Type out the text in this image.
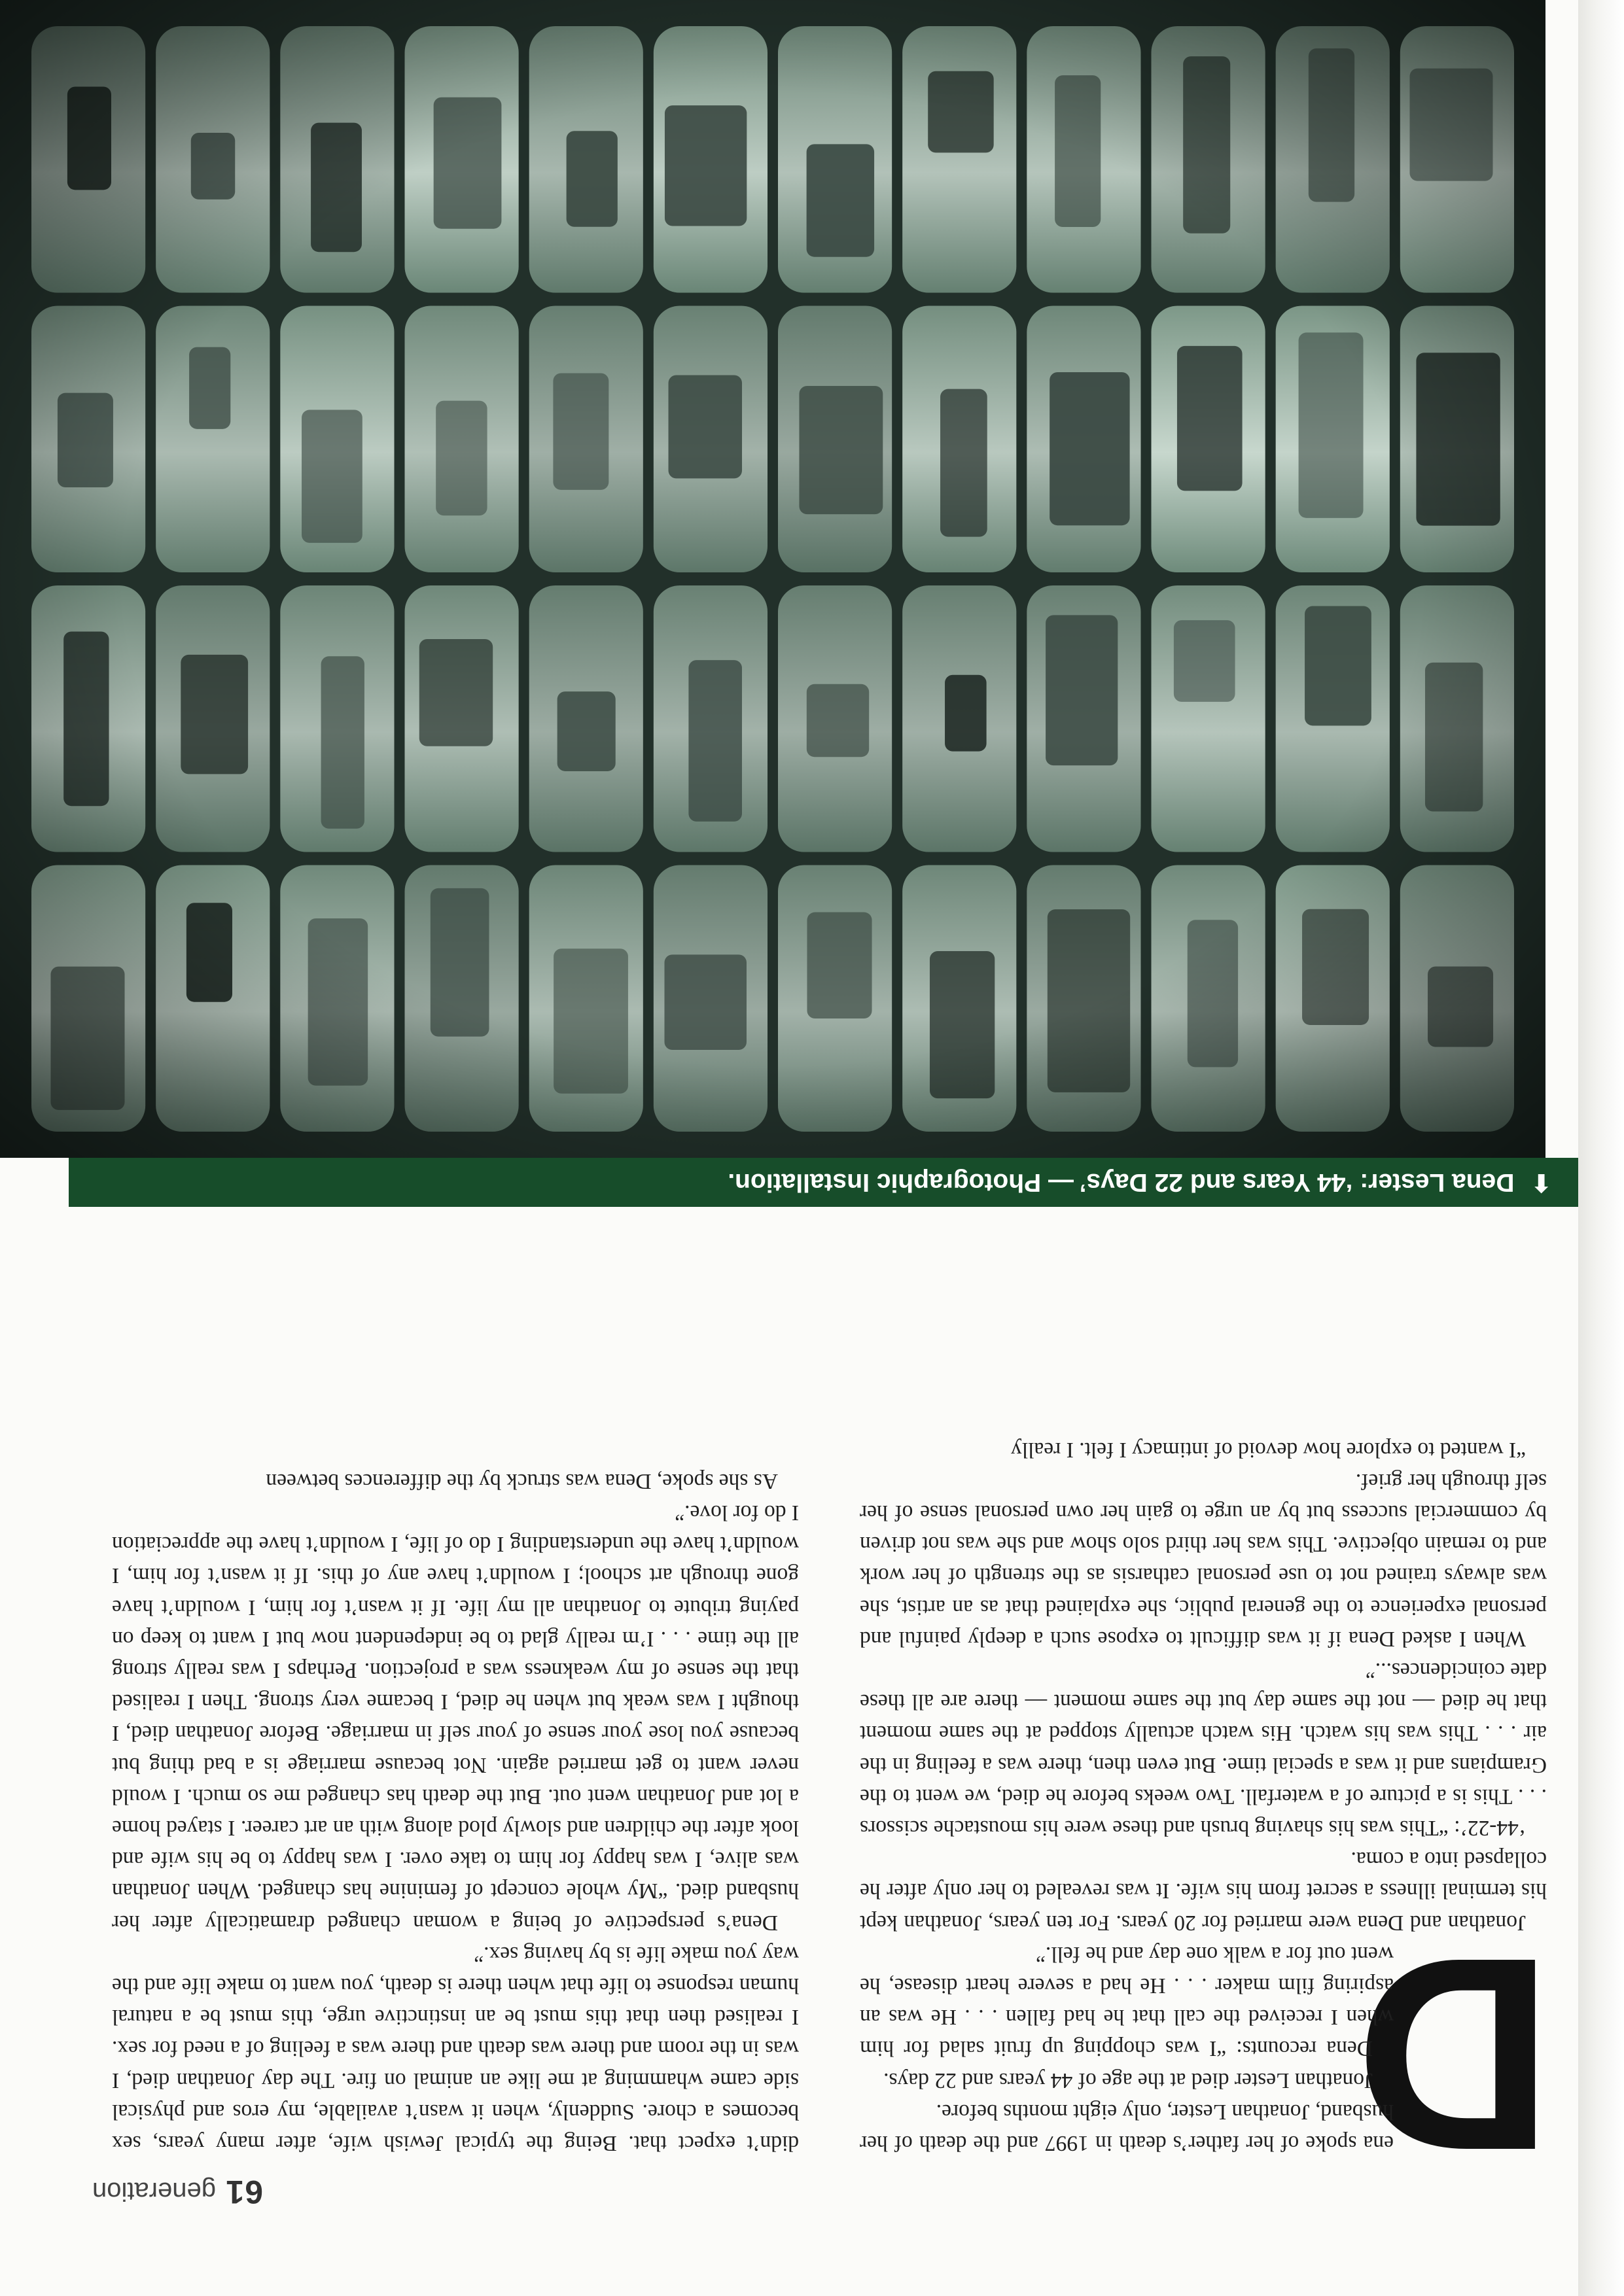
61
generation	D

ena spoke of her father’s death in 1997 and the death of her husband, Jonathan Lester, only eight months before.

Jonathan Lester died at the age of 44 years and 22 days.

Dena recounts: “I was chopping up fruit salad for him when I received the call that he had fallen . . . He was an aspiring film maker . . . He had a severe heart disease, he went out for a walk one day and he fell.”

Jonathan and Dena were married for 20 years. For ten years, Jonathan kept his terminal illness a secret from his wife. It was revealed to her only after he collapsed into a coma.

‘44-22’: “This was his shaving brush and these were his moustache scissors . . . This is a picture of a waterfall. Two weeks before he died, we went to the Grampians and it was a special time. But even then, there was a feeling in the air . . . This was his watch. His watch actually stopped at the same moment that he died — not the same day but the same moment — there are all these date coincidences...”

When I asked Dena if it was difficult to expose such a deeply painful and personal experience to the general public, she explained that as an artist, she was always trained not to use personal catharsis as the strength of her work and to remain objective. This was her third solo show and she was not driven by commercial success but by an urge to gain her own personal sense of her self through her grief.

“I wanted to explore how devoid of intimacy I felt. I really

didn’t expect that. Being the typical Jewish wife, after many years, sex becomes a chore. Suddenly, when it wasn’t available, my eros and physical side came whamming at me like an animal on fire. The day Jonathan died, I was in the room and there was death and there was a feeling of a need for sex. I realised then that this must be an instinctive urge, this must be a natural human response to life that when there is death, you want to make life and the way you make life is by having sex.”

Dena’s perspective of being a woman changed dramatically after her husband died. “My whole concept of feminine has changed. When Jonathan was alive, I was happy for him to take over. I was happy to be his wife and look after the children and slowly plod along with an art career. I stayed home a lot and Jonathan went out. But the death has changed me so much. I would never want to get married again. Not because marriage is a bad thing but because you lose your sense of your self in marriage. Before Jonathan died, I thought I was weak but when he died, I became very strong. Then I realised that the sense of my weakness was a projection. Perhaps I was really strong all the time . . . I’m really glad to be independent now but I want to keep on paying tribute to Jonathan all my life. If it wasn’t for him, I wouldn’t have gone through art school; I wouldn’t have any of this. If it wasn’t for him, I wouldn’t have the understanding I do of life, I wouldn’t have the appreciation I do for love.”

As she spoke, Dena was struck by the differences between

⬆ Dena Lester: ‘44 Years and 22 Days’ — Photographic Installation.
